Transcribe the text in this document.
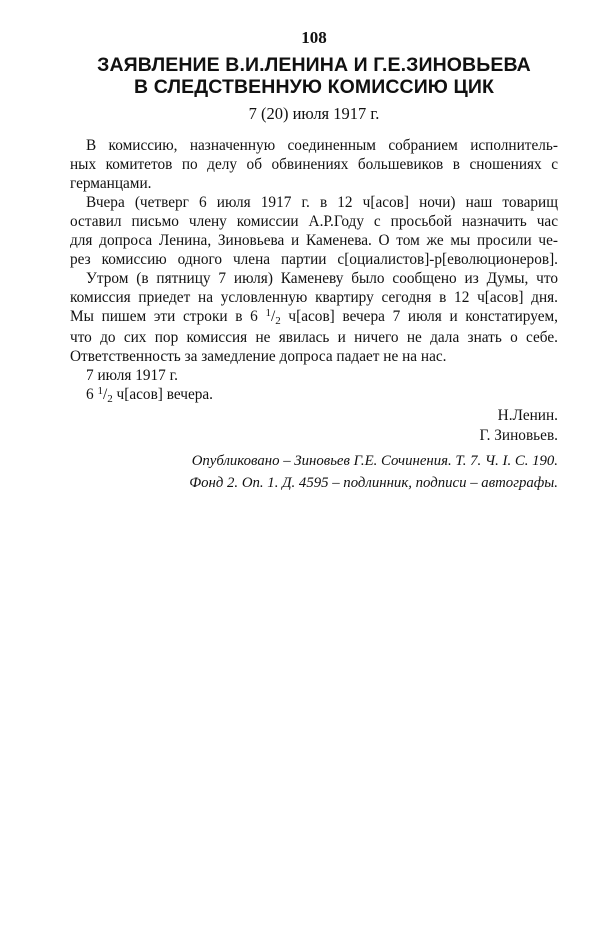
108
ЗАЯВЛЕНИЕ В.И.ЛЕНИНА И Г.Е.ЗИНОВЬЕВА
В СЛЕДСТВЕННУЮ КОМИССИЮ ЦИК
7 (20) июля 1917 г.

В комиссию, назначенную соединенным собранием исполнитель-
ных комитетов по делу об обвинениях большевиков в сношениях с
германцами.

Вчера (четверг 6 июля 1917 г. в 12 ч[асов] ночи) наш товарищ
оставил письмо члену комиссии А.Р.Году с просьбой назначить час
для допроса Ленина, Зиновьева и Каменева. О том же мы просили че-
рез комиссию одного члена партии с[оциалистов]-р[еволюционеров].

Утром (в пятницу 7 июля) Каменеву было сообщено из Думы, что
комиссия приедет на условленную квартиру сегодня в 12 ч[асов] дня.
Мы пишем эти строки в 6 $^1$/2 ч[асов] вечера 7 июля и констатируем,
что до сих пор комиссия не явилась и ничего не дала знать о себе.
Ответственность за замедление допроса падает не на нас.

7 июля 1917 г.
6 $^1$/2 ч[асов] вечера.

Н.Ленин.

Г. Зиновьев.

Опубликовано – Зиновьев Г.Е. Сочинения. Т. 7. Ч. I. С. 190.

Фонд 2. Оп. 1. Д. 4595 – подлинник, подписи – автографы.
